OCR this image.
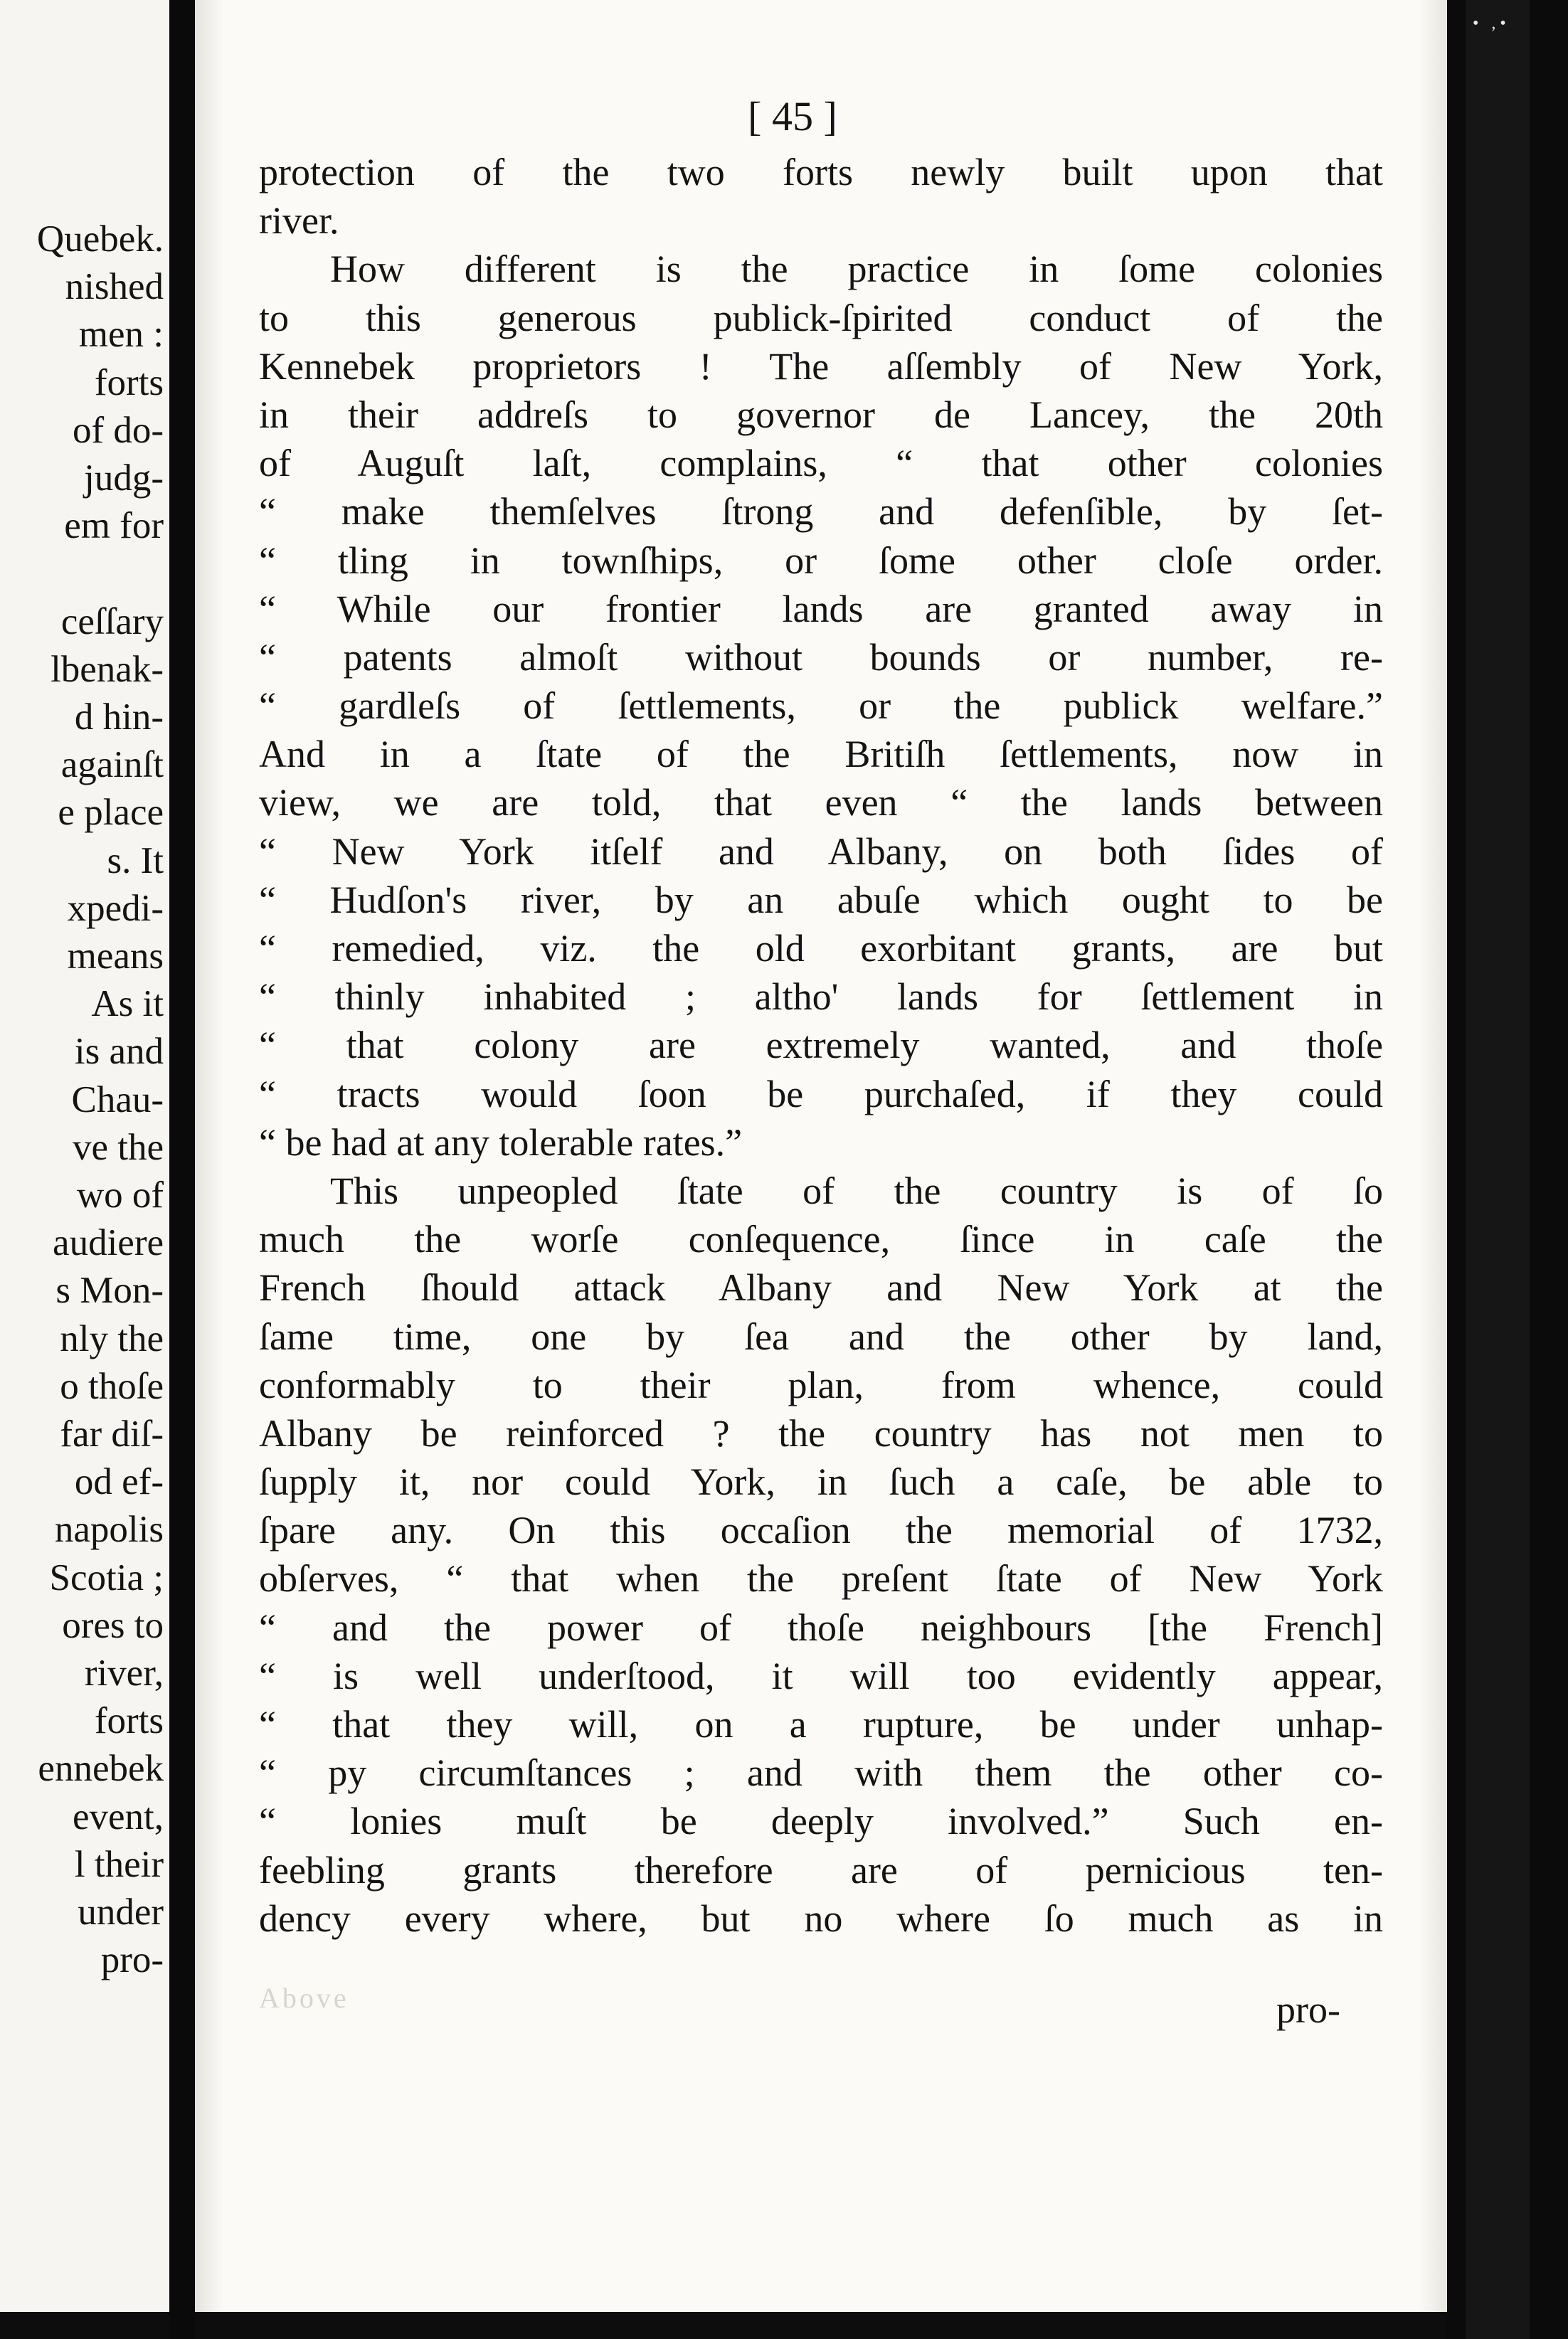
Quebek.
nished
men :
forts
of do-
judg-
em for
ceſſary
lbenak-
d hin-
againſt
e place
s. It
xpedi-
means
As it
is and
Chau-
ve the
wo of
audiere
s Mon-
nly the
o thoſe
far diſ-
od ef-
napolis
Scotia ;
ores to
river,
forts
ennebek
event,
l their
under
pro-
[ 45 ]
protection of the two forts newly built upon that
river.
How different is the practice in ſome colonies
to this generous publick-ſpirited conduct of the
Kennebek proprietors ! The aſſembly of New York,
in their addreſs to governor de Lancey, the 20th
of Auguſt laſt, complains, “ that other colonies
“ make themſelves ſtrong and defenſible, by ſet-
“ tling in townſhips, or ſome other cloſe order.
“ While our frontier lands are granted away in
“ patents almoſt without bounds or number, re-
“ gardleſs of ſettlements, or the publick welfare.”
And in a ſtate of the Britiſh ſettlements, now in
view, we are told, that even “ the lands between
“ New York itſelf and Albany, on both ſides of
“ Hudſon's river, by an abuſe which ought to be
“ remedied, viz. the old exorbitant grants, are but
“ thinly inhabited ; altho' lands for ſettlement in
“ that colony are extremely wanted, and thoſe
“ tracts would ſoon be purchaſed, if they could
“ be had at any tolerable rates.”
This unpeopled ſtate of the country is of ſo
much the worſe conſequence, ſince in caſe the
French ſhould attack Albany and New York at the
ſame time, one by ſea and the other by land,
conformably to their plan, from whence, could
Albany be reinforced ? the country has not men to
ſupply it, nor could York, in ſuch a caſe, be able to
ſpare any. On this occaſion the memorial of 1732,
obſerves, “ that when the preſent ſtate of New York
“ and the power of thoſe neighbours [the French]
“ is well underſtood, it will too evidently appear,
“ that they will, on a rupture, be under unhap-
“ py circumſtances ; and with them the other co-
“ lonies muſt be deeply involved.” Such en-
feebling grants therefore are of pernicious ten-
dency every where, but no where ſo much as in
Above	pro-
• ,•
